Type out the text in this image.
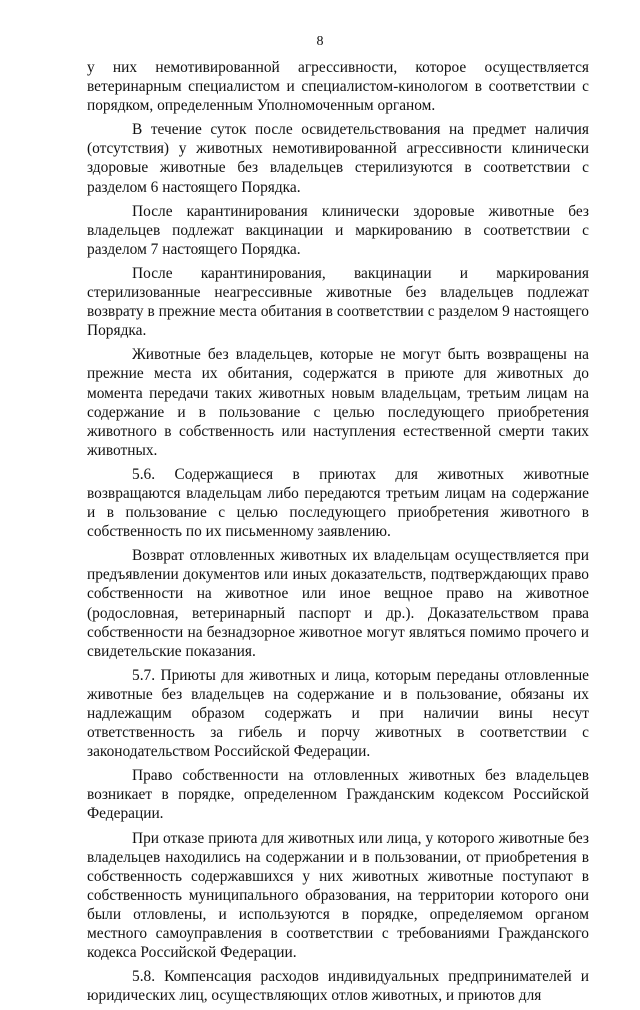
8

у них немотивированной агрессивности, которое осуществляется ветеринарным специалистом и специалистом-кинологом в соответствии с порядком, определенным Уполномоченным органом.

В течение суток после освидетельствования на предмет наличия (отсутствия) у животных немотивированной агрессивности клинически здоровые животные без владельцев стерилизуются в соответствии с разделом 6 настоящего Порядка.

После карантинирования клинически здоровые животные без владельцев подлежат вакцинации и маркированию в соответствии с разделом 7 настоящего Порядка.

После карантинирования, вакцинации и маркирования стерилизованные неагрессивные животные без владельцев подлежат возврату в прежние места обитания в соответствии с разделом 9 настоящего Порядка.

Животные без владельцев, которые не могут быть возвращены на прежние места их обитания, содержатся в приюте для животных до момента передачи таких животных новым владельцам, третьим лицам на содержание и в пользование с целью последующего приобретения животного в собственность или наступления естественной смерти таких животных.

5.6. Содержащиеся в приютах для животных животные возвращаются владельцам либо передаются третьим лицам на содержание и в пользование с целью последующего приобретения животного в собственность по их письменному заявлению.

Возврат отловленных животных их владельцам осуществляется при предъявлении документов или иных доказательств, подтверждающих право собственности на животное или иное вещное право на животное (родословная, ветеринарный паспорт и др.). Доказательством права собственности на безнадзорное животное могут являться помимо прочего и свидетельские показания.

5.7. Приюты для животных и лица, которым переданы отловленные животные без владельцев на содержание и в пользование, обязаны их надлежащим образом содержать и при наличии вины несут ответственность за гибель и порчу животных в соответствии с законодательством Российской Федерации.

Право собственности на отловленных животных без владельцев возникает в порядке, определенном Гражданским кодексом Российской Федерации.

При отказе приюта для животных или лица, у которого животные без владельцев находились на содержании и в пользовании, от приобретения в собственность содержавшихся у них животных животные поступают в собственность муниципального образования, на территории которого они были отловлены, и используются в порядке, определяемом органом местного самоуправления в соответствии с требованиями Гражданского кодекса Российской Федерации.

5.8. Компенсация расходов индивидуальных предпринимателей и юридических лиц, осуществляющих отлов животных, и приютов для
